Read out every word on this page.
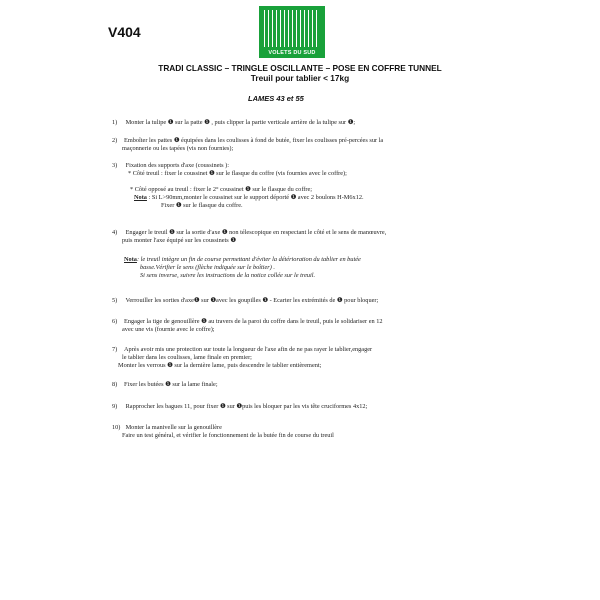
V404
VOLETS DU SUD
TRADI CLASSIC – TRINGLE OSCILLANTE – POSE EN COFFRE TUNNEL
Treuil pour tablier < 17kg
LAMES 43 et 55
1) Monter la tulipe ❶ sur la patte ❶ , puis clipper la partie verticale arrière de la tulipe sur ❶;
2) Emboîter les pattes ❶ équipées dans les coulisses à fond de butée, fixer les coulisses pré-percées sur la
maçonnerie ou les tapées (vis non fournies);
3) Fixation des supports d'axe (coussinets ):
* Côté treuil : fixer le coussinet ❶ sur le flasque du coffre (vis fournies avec le coffre);
* Côté opposé au treuil : fixer le 2° coussinet ❶ sur le flasque du coffre;
Nota : Si L>90mm,monter le coussinet sur le support déporté ❶ avec 2 boulons H-M6x12.
Fixer ❶ sur le flasque du coffre.
4) Engager le treuil ❶ sur la sortie d'axe ❶ non télescopique en respectant le côté et le sens de manœuvre,
puis monter l'axe équipé sur les coussinets ❶
Nota: le treuil intègre un fin de course permettant d'éviter la détérioration du tablier en butée
basse.Vérifier le sens (flèche indiquée sur le boîtier) .
Si sens inverse, suivre les instructions de la notice collée sur le treuil.
5) Verrouiller les sorties d'axe❶ sur ❶avec les goupilles ❶ - Ecarter les extrémités de ❶ pour bloquer;
6) Engager la tige de genouillère ❶ au travers de la paroi du coffre dans le treuil, puis le solidariser en 12
avec une vis (fournie avec le coffre);
7) Après avoir mis une protection sur toute la longueur de l'axe afin de ne pas rayer le tablier,engager
le tablier dans les coulisses, lame finale en premier;
Monter les verrous ❶ sur la dernière lame, puis descendre le tablier entièrement;
8) Fixer les butées ❶ sur la lame finale;
9) Rapprocher les bagues 11, pour fixer ❶ sur ❶puis les bloquer par les vis tête cruciformes 4x12;
10) Monter la manivelle sur la genouillère
Faire un test général, et vérifier le fonctionnement de la butée fin de course du treuil
